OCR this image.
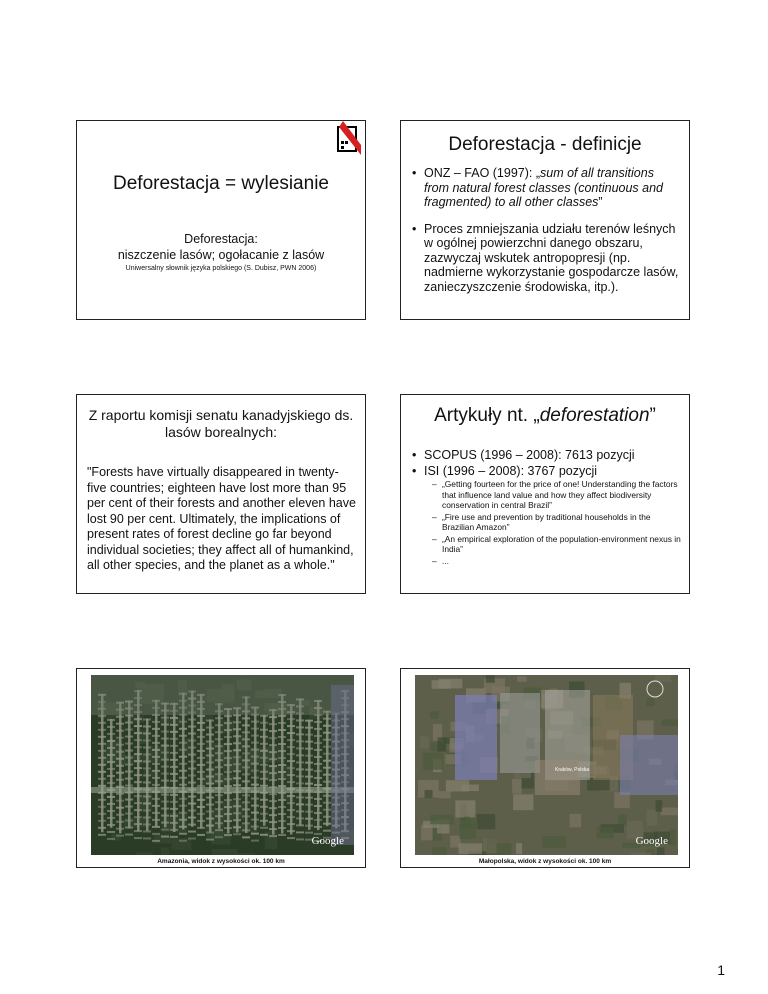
Deforestacja = wylesianie
Deforestacja:
niszczenie lasów; ogołacanie z lasów
Uniwersalny słownik języka polskiego (S. Dubisz, PWN 2006)
Deforestacja - definicje
• ONZ – FAO (1997): „sum of all transitions from natural forest classes (continuous and fragmented) to all other classes”
• Proces zmniejszania udziału terenów leśnych w ogólnej powierzchni danego obszaru, zazwyczaj wskutek antropopresji (np. nadmierne wykorzystanie gospodarcze lasów, zanieczyszczenie środowiska, itp.).
Z raportu komisji senatu kanadyjskiego ds. lasów borealnych:
"Forests have virtually disappeared in twenty-five countries; eighteen have lost more than 95 per cent of their forests and another eleven have lost 90 per cent. Ultimately, the implications of present rates of forest decline go far beyond individual societies; they affect all of humankind, all other species, and the planet as a whole."
Artykuły nt. „deforestation”
• SCOPUS (1996 – 2008): 7613 pozycji
• ISI (1996 – 2008): 3767 pozycji
– „Getting fourteen for the price of one! Understanding the factors that influence land value and how they affect biodiversity conservation in central Brazil”
– „Fire use and prevention by traditional households in the Brazilian Amazon”
– „An empirical exploration of the population-environment nexus in India”
– ...
Google
Amazonia, widok z wysokości ok. 100 km
Kraków, Polska
Google
Małopolska, widok z wysokości ok. 100 km
1
